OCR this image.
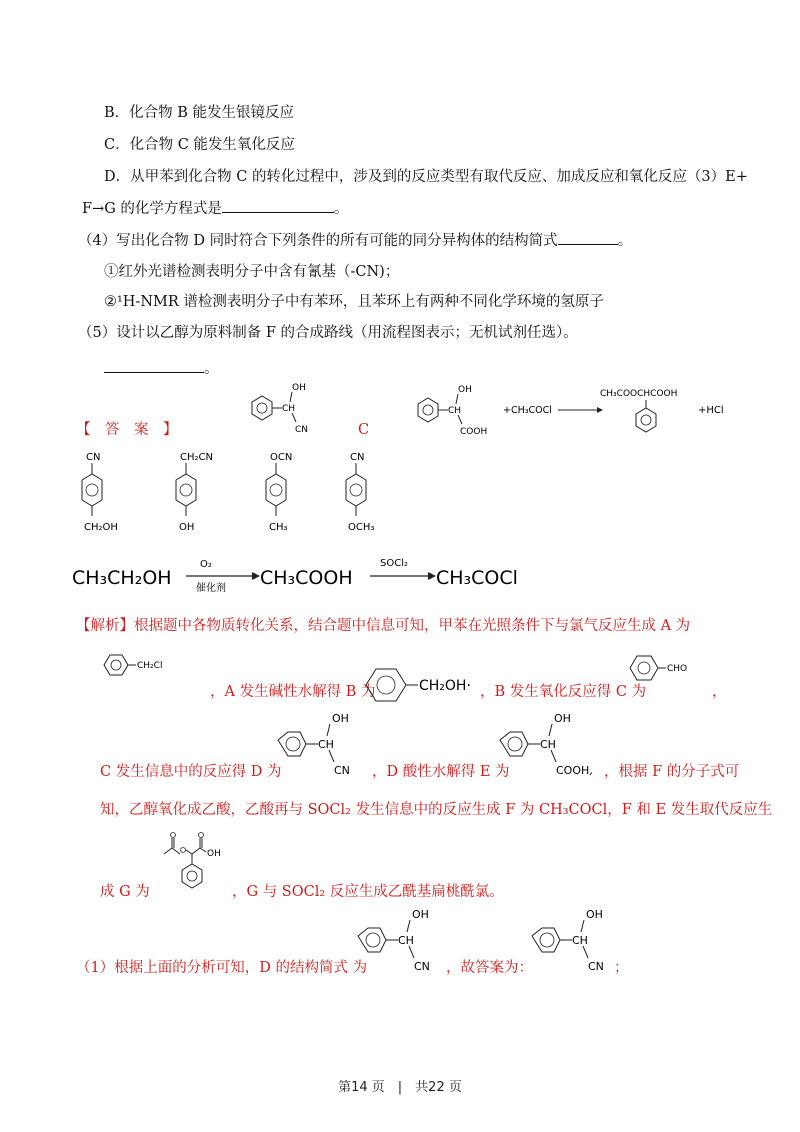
B．化合物 B 能发生银镜反应
C．化合物 C 能发生氧化反应
D．从甲苯到化合物 C 的转化过程中，涉及到的反应类型有取代反应、加成反应和氧化反应（3）E+
F→G 的化学方程式是	。
（4）写出化合物 D 同时符合下列条件的所有可能的同分异构体的结构简式	。
①红外光谱检测表明分子中含有氰基（-CN)；
②¹H-NMR 谱检测表明分子中有苯环，且苯环上有两种不同化学环境的氢原子
（5）设计以乙醇为原料制备 F 的合成路线（用流程图表示；无机试剂任选）。
。
【　答　案　】	C
OH
CH
CN
OH
CH
COOH
+CH₃COCl
CH₃COOCHCOOH
+HCl
CN
CH₂OH
CH₂CN
OH
OCN
CH₃
CN
OCH₃
CH₃CH₂OH
O₂
催化剂 CH₃COOH
SOCl₂
CH₃COCl
【解析】根据题中各物质转化关系，结合题中信息可知，甲苯在光照条件下与氯气反应生成 A 为
CH₂Cl
，A 发生碱性水解得 B 为	CH₂OH· ，B 发生氧化反应得 C 为
CHO
，
C 发生信息中的反应得 D 为
OH
CH
CN ，D 酸性水解得 E 为
OH
CH
COOH, ，根据 F 的分子式可
知，乙醇氧化成乙酸，乙酸再与 SOCl₂ 发生信息中的反应生成 F 为 CH₃COCl，F 和 E 发生取代反应生
成 G 为
OH
，G 与 SOCl₂ 反应生成乙酰基扁桃酰氯。
（1）根据上面的分析可知，D 的结构简式 为
OH
CH
CN ，故答案为：
OH
CH
CN ；
第14 页　|　共22 页
